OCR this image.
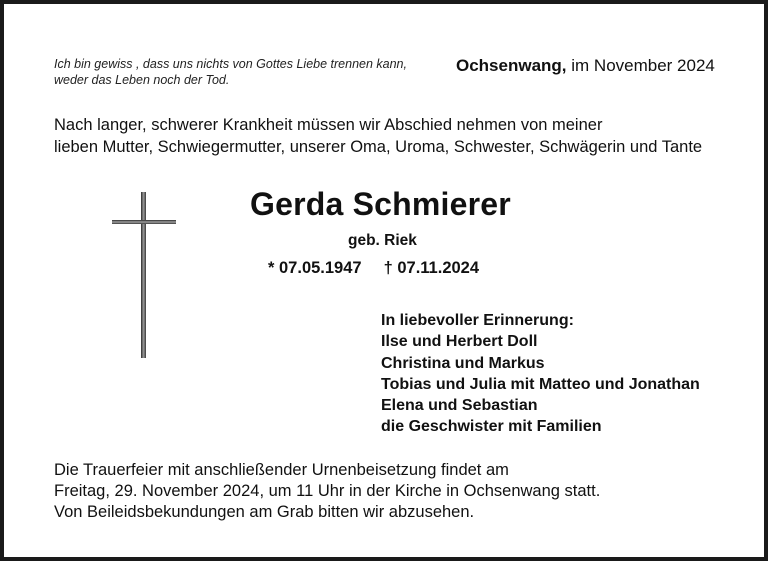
Ich bin gewiss , dass uns nichts von Gottes Liebe trennen kann,
weder das Leben noch der Tod.
Ochsenwang, im November 2024
Nach langer, schwerer Krankheit müssen wir Abschied nehmen von meiner
lieben Mutter, Schwiegermutter, unserer Oma, Uroma, Schwester, Schwägerin und Tante
Gerda Schmierer
geb. Riek
* 07.05.1947 † 07.11.2024
In liebevoller Erinnerung:
Ilse und Herbert Doll
Christina und Markus
Tobias und Julia mit Matteo und Jonathan
Elena und Sebastian
die Geschwister mit Familien
Die Trauerfeier mit anschließender Urnenbeisetzung findet am
Freitag, 29. November 2024, um 11 Uhr in der Kirche in Ochsenwang statt.
Von Beileidsbekundungen am Grab bitten wir abzusehen.
